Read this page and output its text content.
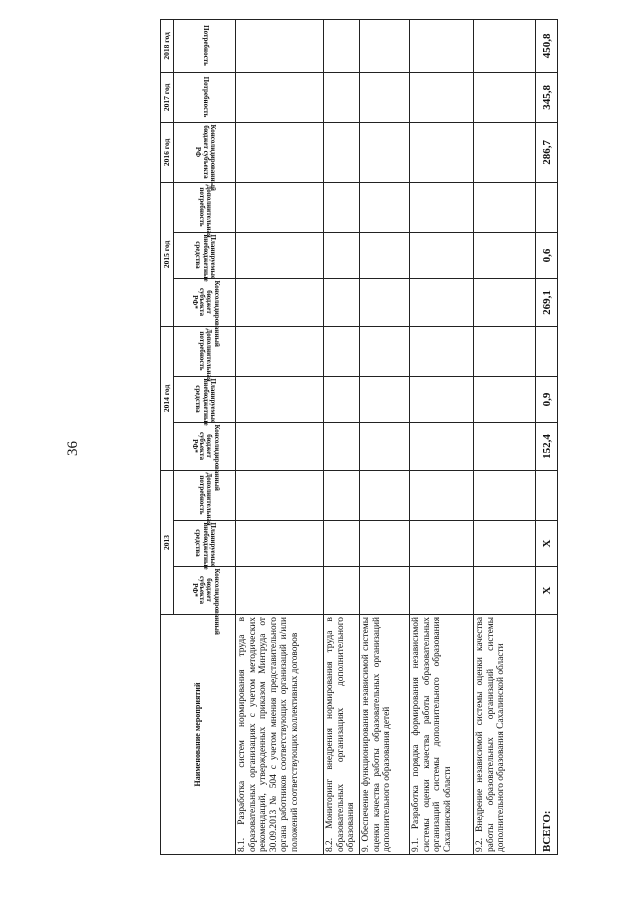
36
Наименование мероприятий	2013			2014 год			2015 год			2016 год	2017 год	2018 год
	Консолидированный бюджет субъекта РФ*	Планируемые внебюджетные средства	Дополнительная потребность	Консолидированный бюджет субъекта РФ*	Планируемые внебюджетные средства	Дополнительная потребность	Консолидированный бюджет субъекта РФ*	Планируемые внебюджетные средства	Дополнительная потребность	Консолидированный бюджет субъекта РФ	Потребность	Потребность
8.1. Разработка систем нормирования труда в образовательных организациях с учетом методических рекомендаций, утвержденных приказом Минтруда от 30.09.2013 № 504 с учетом мнения представительного органа работников соответствующих организаций и/или положений соответствующих коллективных договоров												
8.2. Мониторинг внедрения нормирования труда в образовательных организациях дополнительного образования												
9. Обеспечение функционирования независимой системы оценки качества работы образовательных организаций дополнительного образования детей												
9.1. Разработка порядка формирования независимой системы оценки качества работы образовательных организаций системы дополнительного образования Сахалинской области												
9.2. Внедрение независимой системы оценки качества работы образовательных организаций системы дополнительного образования Сахалинской области												
ВСЕГО:	Х	Х		152,4	0,9		269,1	0,6		286,7	345,8	450,8
